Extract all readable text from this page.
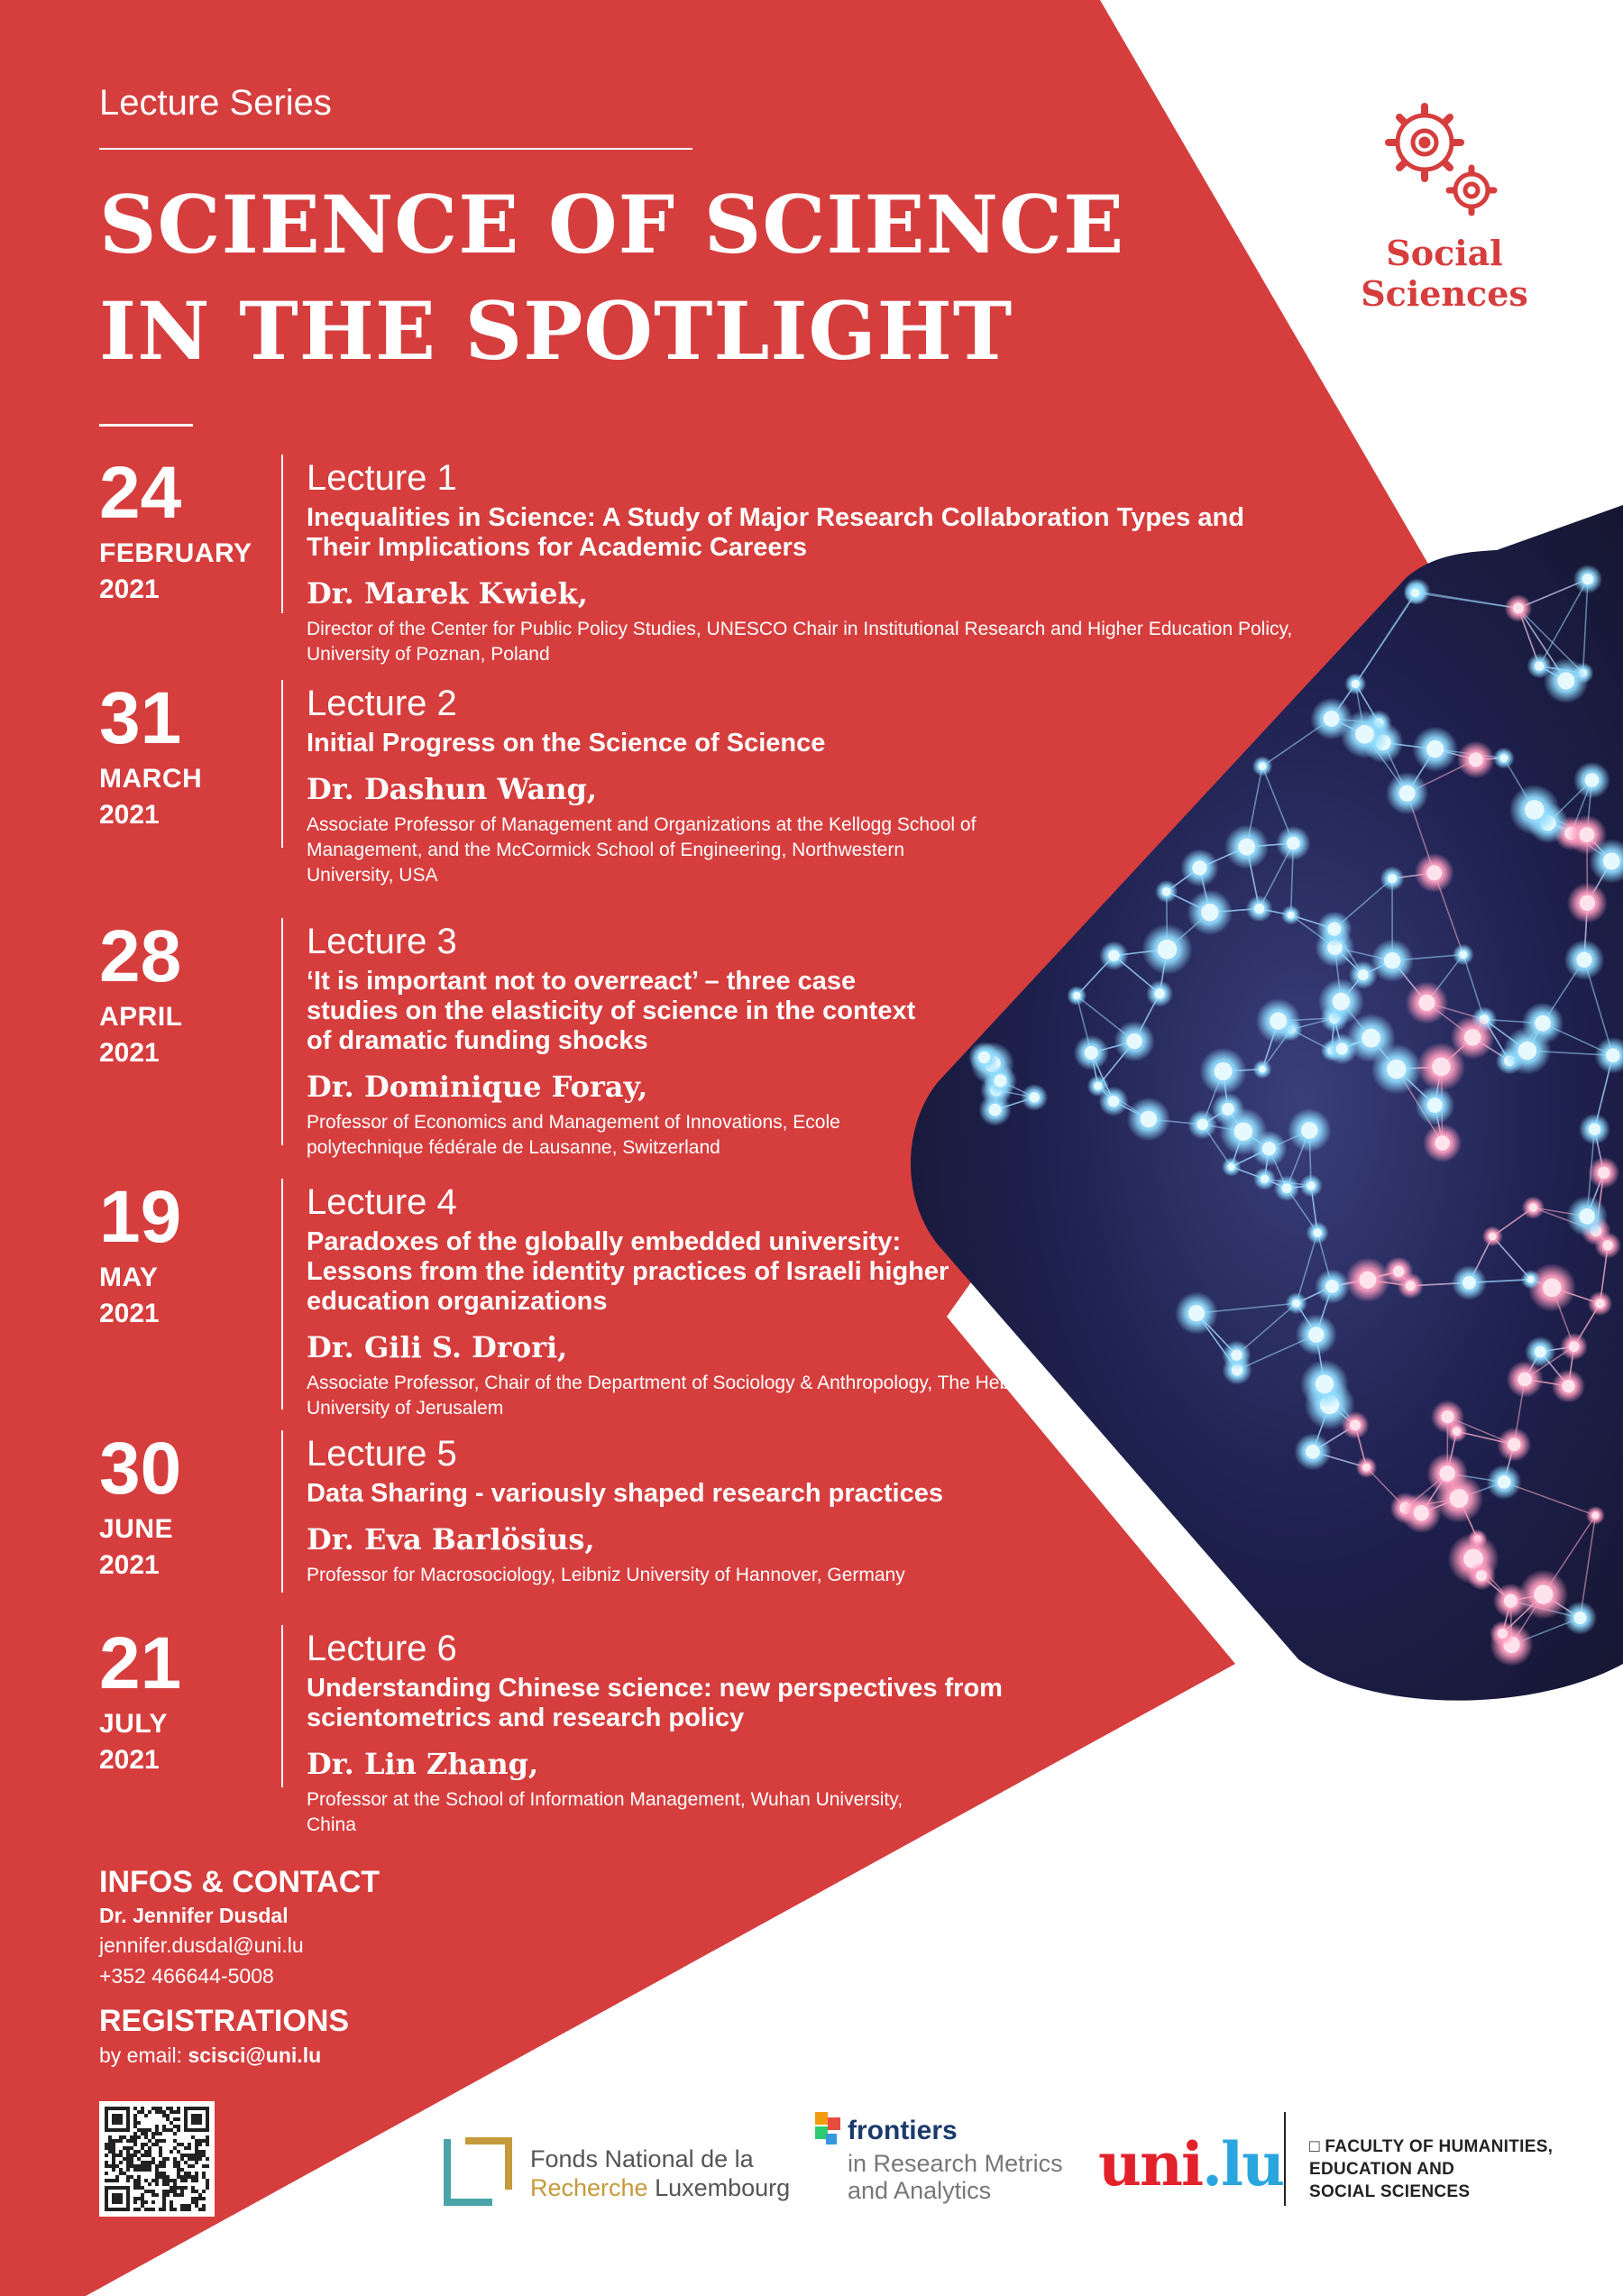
Lecture Series
SCIENCE OF SCIENCE
IN THE SPOTLIGHT
Social Sciences
24
FEBRUARY
2021
Lecture 1
Inequalities in Science: A Study of Major Research Collaboration Types and Their Implications for Academic Careers
Dr. Marek Kwiek,
Director of the Center for Public Policy Studies, UNESCO Chair in Institutional Research and Higher Education Policy, University of Poznan, Poland
31
MARCH
2021
Lecture 2
Initial Progress on the Science of Science
Dr. Dashun Wang,
Associate Professor of Management and Organizations at the Kellogg School of Management, and the McCormick School of Engineering, Northwestern University, USA
28
APRIL
2021
Lecture 3
‘It is important not to overreact’ – three case studies on the elasticity of science in the context of dramatic funding shocks
Dr. Dominique Foray,
Professor of Economics and Management of Innovations, Ecole polytechnique fédérale de Lausanne, Switzerland
19
MAY
2021
Lecture 4
Paradoxes of the globally embedded university: Lessons from the identity practices of Israeli higher education organizations
Dr. Gili S. Drori,
Associate Professor, Chair of the Department of Sociology & Anthropology, The Hebrew University of Jerusalem
30
JUNE
2021
Lecture 5
Data Sharing - variously shaped research practices
Dr. Eva Barlösius,
Professor for Macrosociology, Leibniz University of Hannover, Germany
21
JULY
2021
Lecture 6
Understanding Chinese science: new perspectives from scientometrics and research policy
Dr. Lin Zhang,
Professor at the School of Information Management, Wuhan University, China
INFOS & CONTACT
Dr. Jennifer Dusdal
jennifer.dusdal@uni.lu
+352 466644-5008
REGISTRATIONS
by email: scisci@uni.lu
Fonds National de la
Recherche Luxembourg
frontiers
in Research Metrics
and Analytics	uni.lu □ FACULTY OF HUMANITIES,
EDUCATION AND
SOCIAL SCIENCES
